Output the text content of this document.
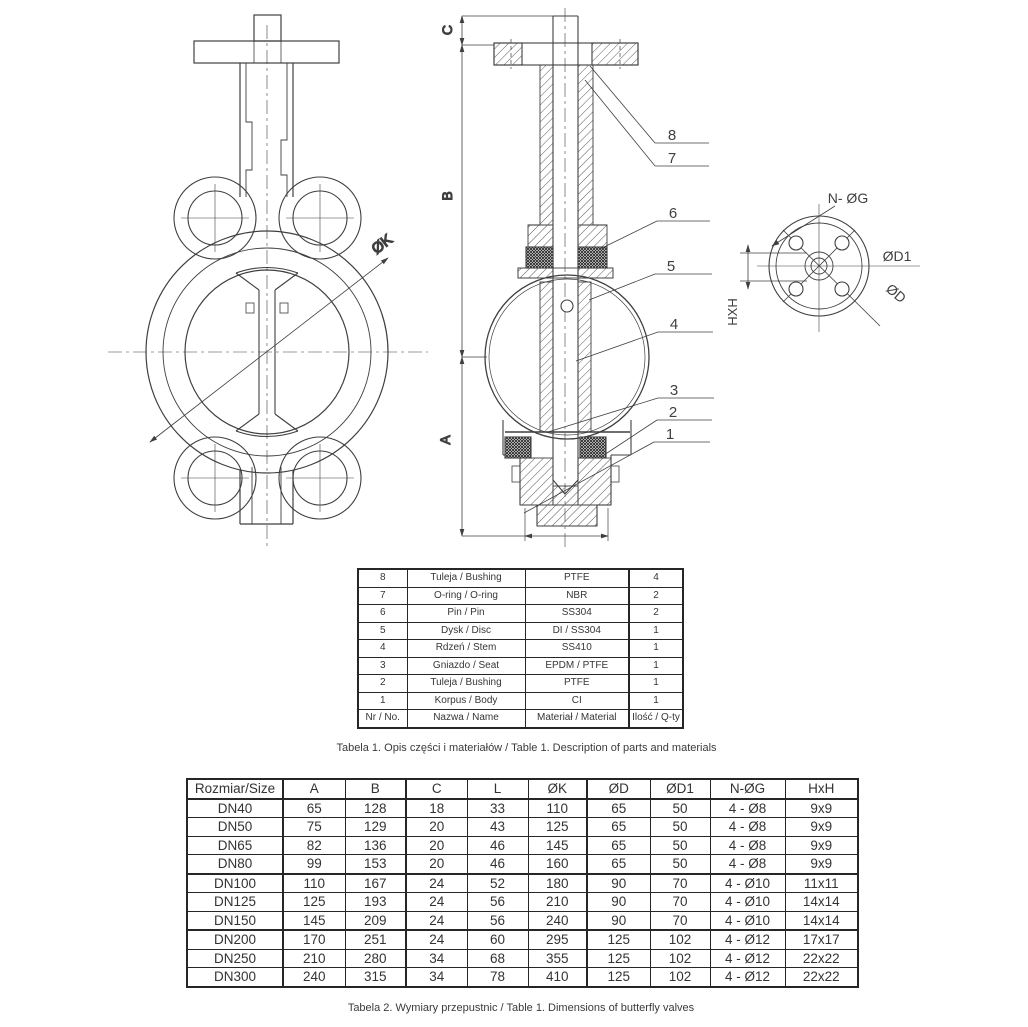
ØK
C
B
A
8
7
6
5
4
3
2
1
N- ØG
ØD1
ØD
HXH
8	Tuleja / Bushing	PTFE	4
7	O-ring / O-ring	NBR	2
6	Pin / Pin	SS304	2
5	Dysk / Disc	DI / SS304	1
4	Rdzeń / Stem	SS410	1
3	Gniazdo / Seat	EPDM / PTFE	1
2	Tuleja / Bushing	PTFE	1
1	Korpus / Body	CI	1
Nr / No.	Nazwa / Name	Materiał / Material	Ilość / Q-ty
Tabela 1. Opis części i materiałów / Table 1. Description of parts and materials
Rozmiar/Size	A	B	C	L	ØK	ØD	ØD1	N-ØG	HxH
DN40	65	128	18	33	110	65	50	4 - Ø8	9x9
DN50	75	129	20	43	125	65	50	4 - Ø8	9x9
DN65	82	136	20	46	145	65	50	4 - Ø8	9x9
DN80	99	153	20	46	160	65	50	4 - Ø8	9x9
DN100	110	167	24	52	180	90	70	4 - Ø10	11x11
DN125	125	193	24	56	210	90	70	4 - Ø10	14x14
DN150	145	209	24	56	240	90	70	4 - Ø10	14x14
DN200	170	251	24	60	295	125	102	4 - Ø12	17x17
DN250	210	280	34	68	355	125	102	4 - Ø12	22x22
DN300	240	315	34	78	410	125	102	4 - Ø12	22x22
Tabela 2. Wymiary przepustnic / Table 1. Dimensions of butterfly valves
